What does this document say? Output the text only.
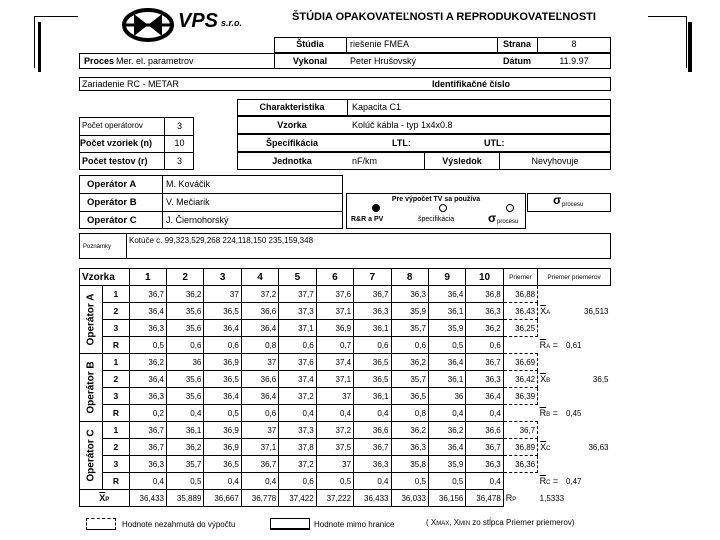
VPS s.r.o.	ŠTÚDIA OPAKOVATEĽNOSTI A REPRODUKOVATEĽNOSTI
Štúdia	riešenie FMEA	Strana	8
Proces Mer. el. parametrov	Vykonal	Peter Hrušovský	Dátum	11.9.97
Zariadenie RC - METAR	Identifikačné číslo
Charakteristika	Kapacita C1
Vzorka	Kolúč kábla - typ 1x4x0.8
Špecifikácia	LTL:	UTL:
Jednotka	nF/km	Výsledok	Nevyhovuje
Počet operátorov	3
Počet vzoriek (n)	10
Počet testov (r)	3
Operátor A	M. Kováčik
Operátor B	V. Mečiarik
Operátor C	J. Čiernohorský
Pre výpočet TV sa používa
R&R a PV	špecifikácia	σ procesu
σ procesu
Poznámky
Kotúče c. 99,323,529,268 224,118,150 235,159,348
Vzorka		1	2	3	4	5	6	7	8	9	10	Priemer	Priemer priemerov	

Operátor A	1	36,7	36,2	37	37,2	37,7	37,6	36,7	36,3	36,4	36,8	36,88		
	2	36,4	35,6	36,5	36,6	37,3	37,1	36,3	35,9	36,1	36,3	36,43	$\overline{X}A$	36,513
	3	36,3	35,6	36,4	36,4	37,1	36,9	36,1	35,7	35,9	36,2	36,25		
	R	0,5	0,6	0,6	0,8	0,6	0,7	0,6	0,6	0,5	0,6		$\overline{R}A$ =	0,61

Operátor B	1	36,2	36	36,9	37	37,6	37,4	36,5	36,2	36,4	36,7	36,69		
	2	36,4	35,6	36,5	36,6	37,4	37,1	36,5	35,7	36,1	36,3	36,42	$\overline{X}B$	36,5
	3	36,3	35,6	36,4	36,4	37,2	37	36,1	36,5	36	36,4	36,39		
	R	0,2	0,4	0,5	0,6	0,4	0,4	0,4	0,8	0,4	0,4		$\overline{R}B$ =	0,45

Operátor C	1	36,7	36,1	36,9	37	37,3	37,2	36,6	36,2	36,2	36,6	36,7		
	2	36,7	36,2	36,9	37,1	37,8	37,5	36,7	36,3	36,4	36,7	36,89	$\overline{X}C$	36,63
	3	36,3	35,7	36,5	36,7	37,2	37	36,3	35,8	35,9	36,3	36,36		
	R	0,4	0,5	0,4	0,4	0,6	0,5	0,4	0,5	0,5	0,4		$\overline{R}C$ =	0,47
$\overline{X}P$		36,433	35,889	36,667	36,778	37,422	37,222	36,433	36,033	36,156	36,478	RP	1,5333	
Hodnote nezahrnutá do výpočtu	Hodnote mimo hranice	( XMAX, XMIN zo stĺpca Priemer priemerov)
